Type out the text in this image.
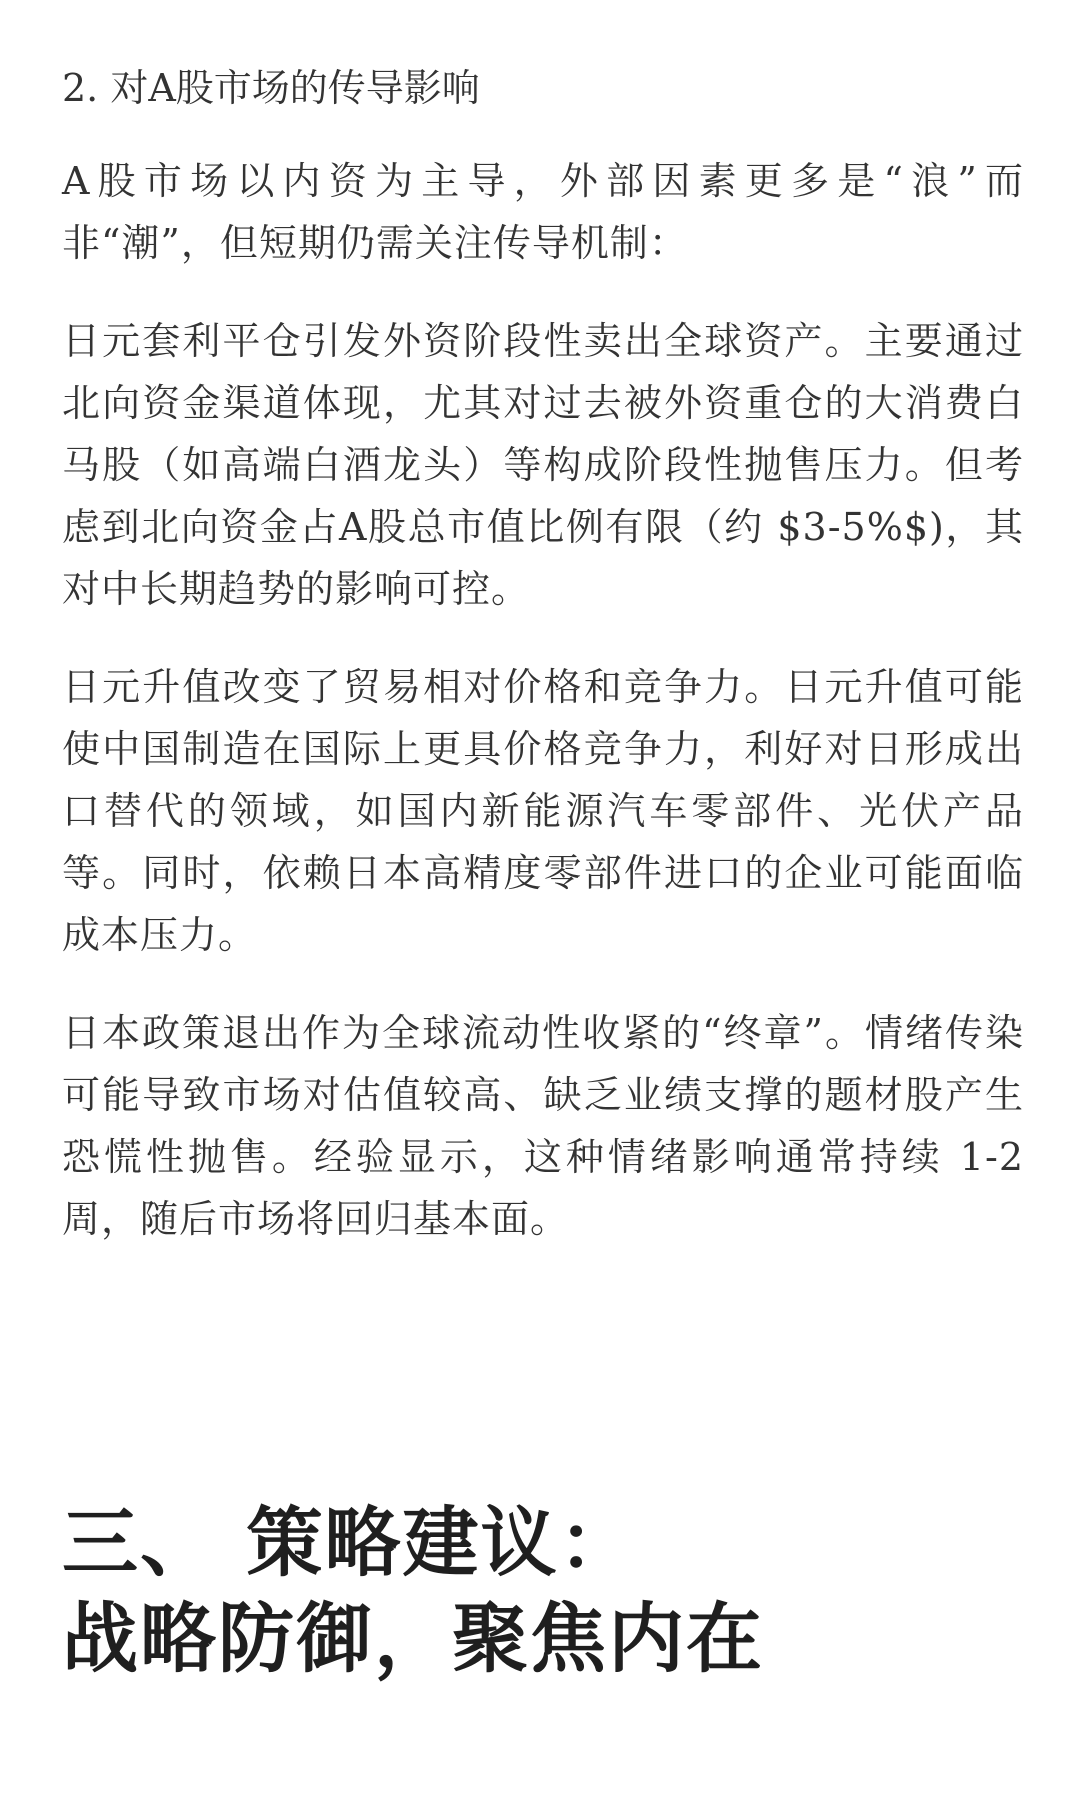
2. 对A股市场的传导影响

A股市场以内资为主导，外部因素更多是“浪”而非“潮”，但短期仍需关注传导机制：

日元套利平仓引发外资阶段性卖出全球资产。主要通过北向资金渠道体现，尤其对过去被外资重仓的大消费白马股（如高端白酒龙头）等构成阶段性抛售压力。但考虑到北向资金占A股总市值比例有限（约 $3-5%$)，其对中长期趋势的影响可控。

日元升值改变了贸易相对价格和竞争力。日元升值可能使中国制造在国际上更具价格竞争力，利好对日形成出口替代的领域，如国内新能源汽车零部件、光伏产品等。同时，依赖日本高精度零部件进口的企业可能面临成本压力。

日本政策退出作为全球流动性收紧的“终章”。情绪传染可能导致市场对估值较高、缺乏业绩支撑的题材股产生恐慌性抛售。经验显示，这种情绪影响通常持续 1-2 周，随后市场将回归基本面。

三、 策略建议：
战略防御，聚焦内在
